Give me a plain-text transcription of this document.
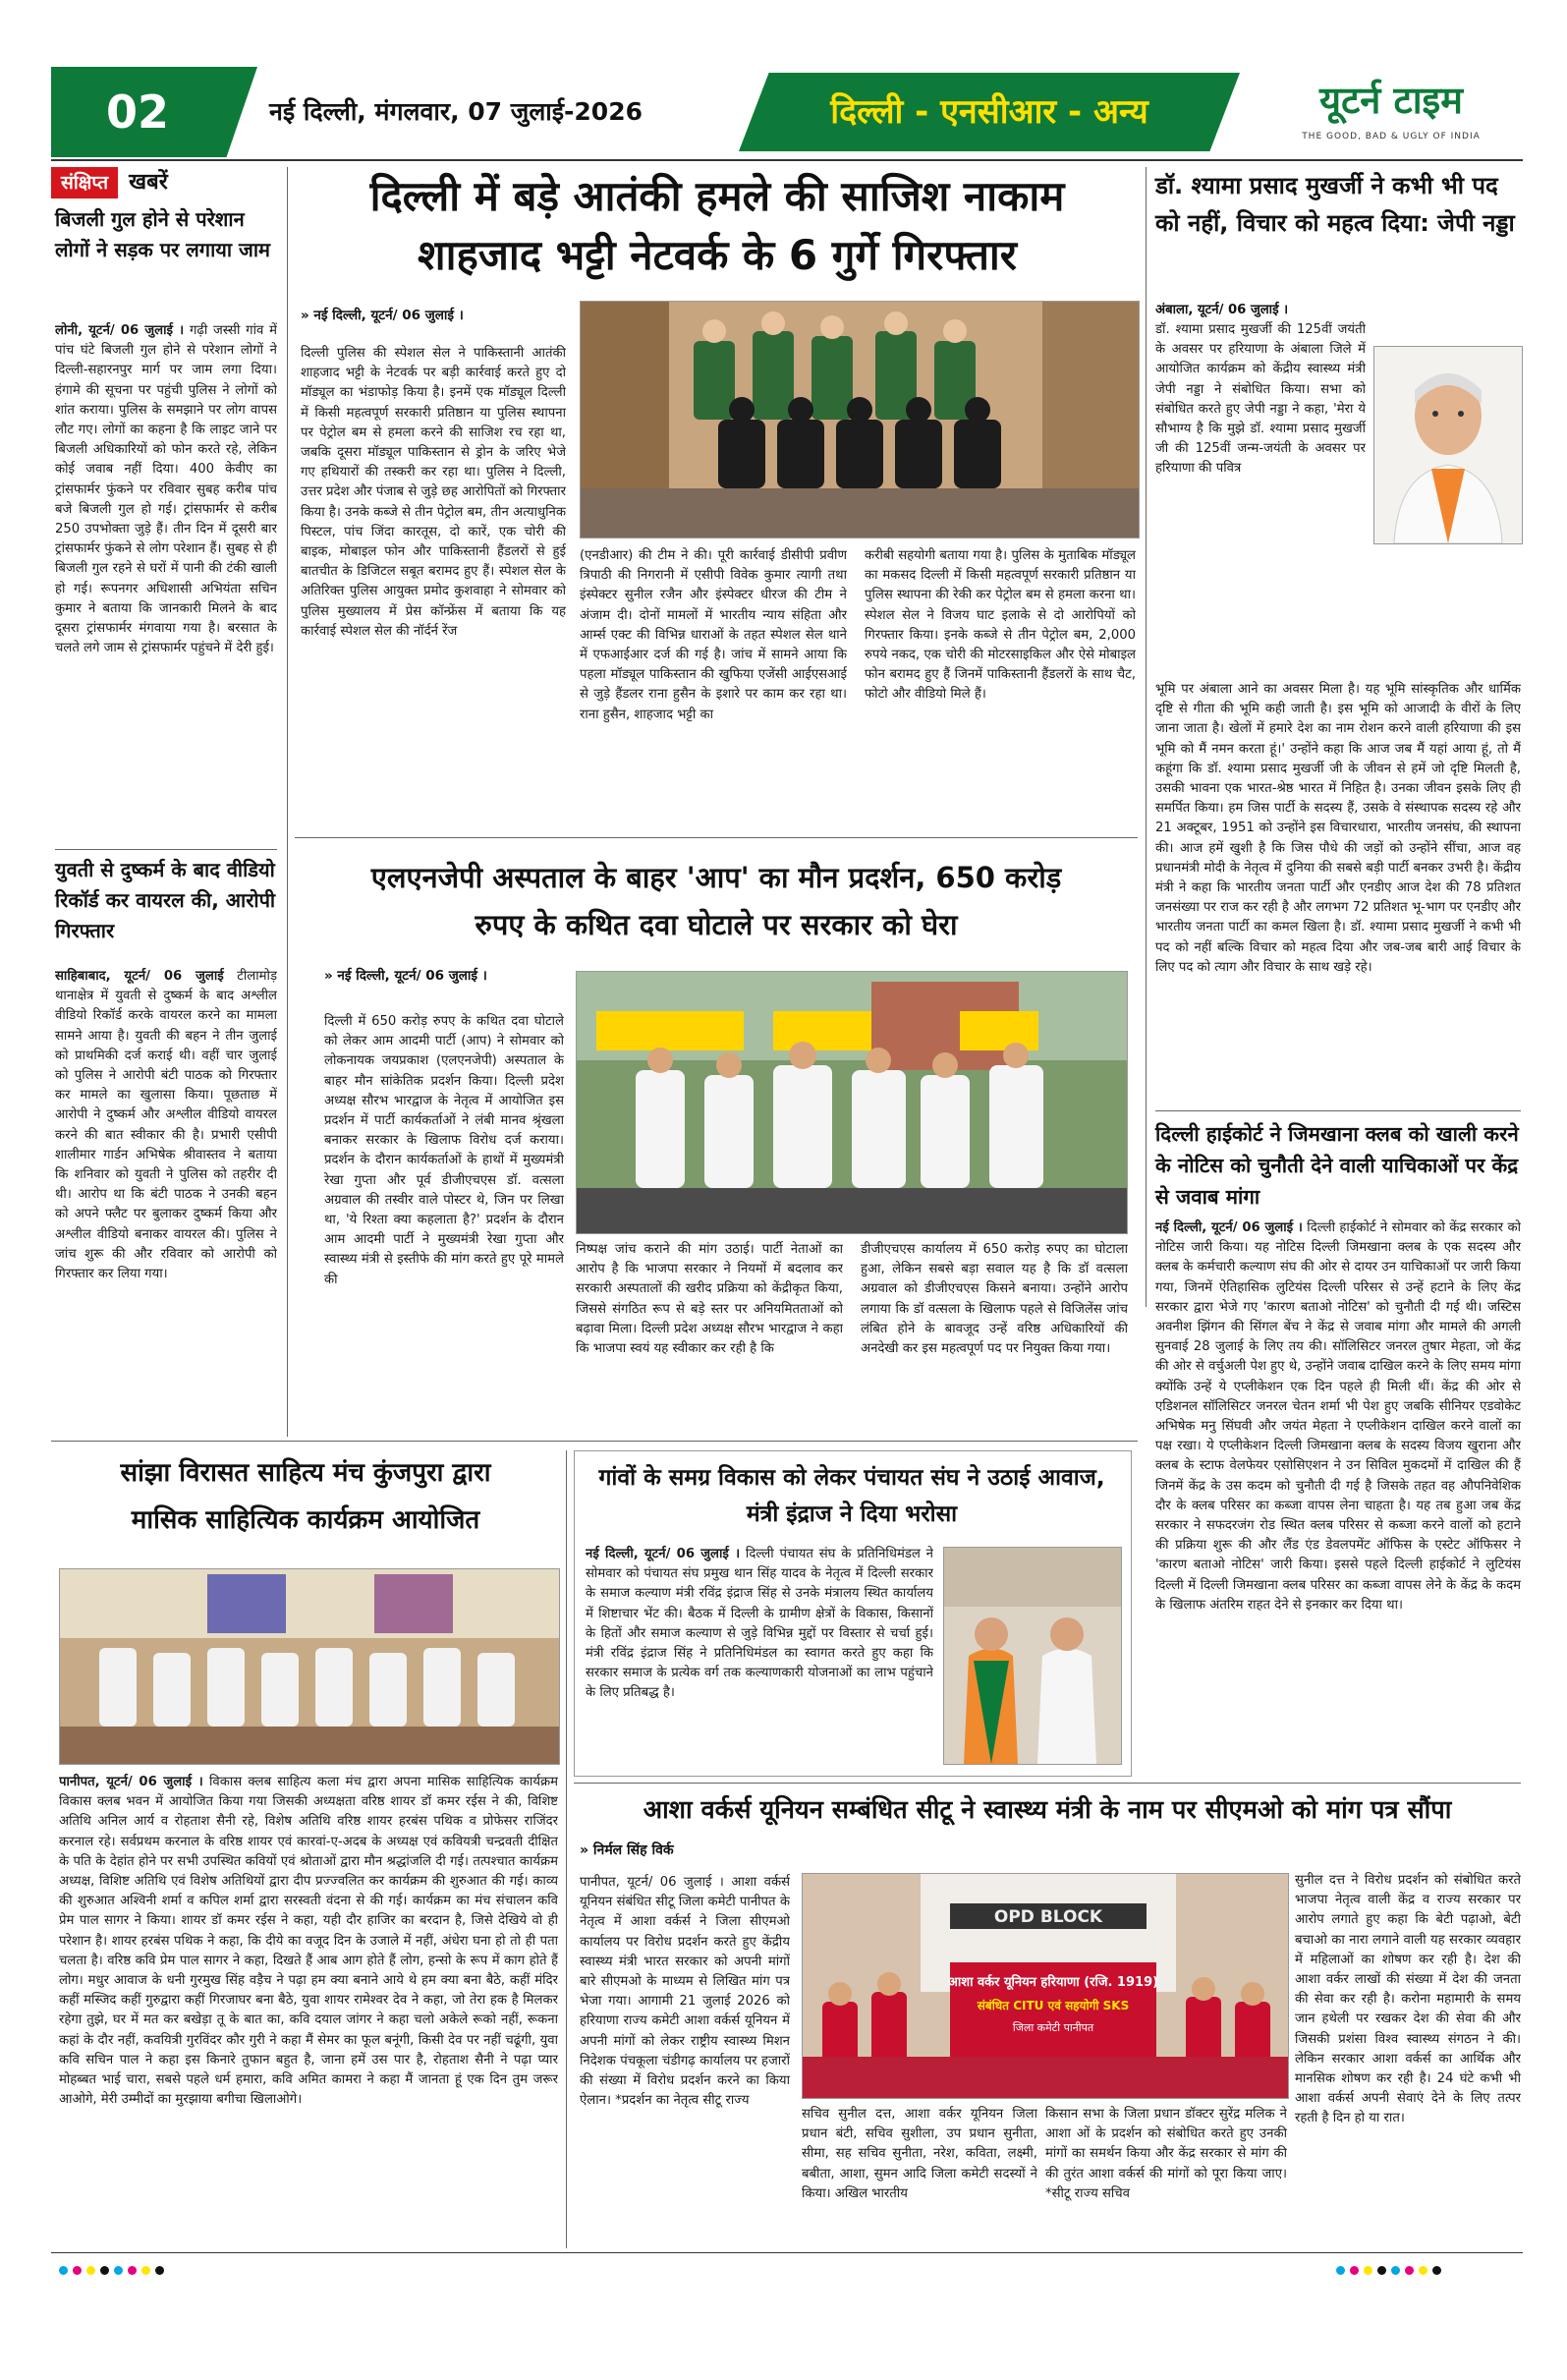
02	नई दिल्ली, मंगलवार, 07 जुलाई-2026	दिल्ली - एनसीआर - अन्य	यूटर्न टाइम
THE GOOD, BAD & UGLY OF INDIA
संक्षिप्त खबरें
बिजली गुल होने से परेशान लोगों ने सड़क पर लगाया जाम
लोनी, यूटर्न/ 06 जुलाई । गढ़ी जस्सी गांव में पांच घंटे बिजली गुल होने से परेशान लोगों ने दिल्ली-सहारनपुर मार्ग पर जाम लगा दिया। हंगामे की सूचना पर पहुंची पुलिस ने लोगों को शांत कराया। पुलिस के समझाने पर लोग वापस लौट गए। लोगों का कहना है कि लाइट जाने पर बिजली अधिकारियों को फोन करते रहे, लेकिन कोई जवाब नहीं दिया। 400 केवीए का ट्रांसफार्मर फुंकने पर रविवार सुबह करीब पांच बजे बिजली गुल हो गई। ट्रांसफार्मर से करीब 250 उपभोक्ता जुड़े हैं। तीन दिन में दूसरी बार ट्रांसफार्मर फुंकने से लोग परेशान हैं। सुबह से ही बिजली गुल रहने से घरों में पानी की टंकी खाली हो गई। रूपनगर अधिशासी अभियंता सचिन कुमार ने बताया कि जानकारी मिलने के बाद दूसरा ट्रांसफार्मर मंगवाया गया है। बरसात के चलते लगे जाम से ट्रांसफार्मर पहुंचने में देरी हुई।
युवती से दुष्कर्म के बाद वीडियो रिकॉर्ड कर वायरल की, आरोपी गिरफ्तार
साहिबाबाद, यूटर्न/ 06 जुलाई टीलामोड़ थानाक्षेत्र में युवती से दुष्कर्म के बाद अश्लील वीडियो रिकॉर्ड करके वायरल करने का मामला सामने आया है। युवती की बहन ने तीन जुलाई को प्राथमिकी दर्ज कराई थी। वहीं चार जुलाई को पुलिस ने आरोपी बंटी पाठक को गिरफ्तार कर मामले का खुलासा किया। पूछताछ में आरोपी ने दुष्कर्म और अश्लील वीडियो वायरल करने की बात स्वीकार की है। प्रभारी एसीपी शालीमार गार्डन अभिषेक श्रीवास्तव ने बताया कि शनिवार को युवती ने पुलिस को तहरीर दी थी। आरोप था कि बंटी पाठक ने उनकी बहन को अपने फ्लैट पर बुलाकर दुष्कर्म किया और अश्लील वीडियो बनाकर वायरल की। पुलिस ने जांच शुरू की और रविवार को आरोपी को गिरफ्तार कर लिया गया।
दिल्ली में बड़े आतंकी हमले की साजिश नाकाम
शाहजाद भट्टी नेटवर्क के 6 गुर्गे गिरफ्तार
» नई दिल्ली, यूटर्न/ 06 जुलाई ।
दिल्ली पुलिस की स्पेशल सेल ने पाकिस्तानी आतंकी शाहजाद भट्टी के नेटवर्क पर बड़ी कार्रवाई करते हुए दो मॉड्यूल का भंडाफोड़ किया है। इनमें एक मॉड्यूल दिल्ली में किसी महत्वपूर्ण सरकारी प्रतिष्ठान या पुलिस स्थापना पर पेट्रोल बम से हमला करने की साजिश रच रहा था, जबकि दूसरा मॉड्यूल पाकिस्तान से ड्रोन के जरिए भेजे गए हथियारों की तस्करी कर रहा था। पुलिस ने दिल्ली, उत्तर प्रदेश और पंजाब से जुड़े छह आरोपितों को गिरफ्तार किया है। उनके कब्जे से तीन पेट्रोल बम, तीन अत्याधुनिक पिस्टल, पांच जिंदा कारतूस, दो कारें, एक चोरी की बाइक, मोबाइल फोन और पाकिस्तानी हैंडलरों से हुई बातचीत के डिजिटल सबूत बरामद हुए हैं। स्पेशल सेल के अतिरिक्त पुलिस आयुक्त प्रमोद कुशवाहा ने सोमवार को पुलिस मुख्यालय में प्रेस कॉन्फ्रेंस में बताया कि यह कार्रवाई स्पेशल सेल की नॉर्दर्न रेंज
(एनडीआर) की टीम ने की। पूरी कार्रवाई डीसीपी प्रवीण त्रिपाठी की निगरानी में एसीपी विवेक कुमार त्यागी तथा इंस्पेक्टर सुनील रजैन और इंस्पेक्टर धीरज की टीम ने अंजाम दी। दोनों मामलों में भारतीय न्याय संहिता और आर्म्स एक्ट की विभिन्न धाराओं के तहत स्पेशल सेल थाने में एफआईआर दर्ज की गई है। जांच में सामने आया कि पहला मॉड्यूल पाकिस्तान की खुफिया एजेंसी आईएसआई से जुड़े हैंडलर राना हुसैन के इशारे पर काम कर रहा था। राना हुसैन, शाहजाद भट्टी का
करीबी सहयोगी बताया गया है। पुलिस के मुताबिक मॉड्यूल का मकसद दिल्ली में किसी महत्वपूर्ण सरकारी प्रतिष्ठान या पुलिस स्थापना की रेकी कर पेट्रोल बम से हमला करना था। स्पेशल सेल ने विजय घाट इलाके से दो आरोपियों को गिरफ्तार किया। इनके कब्जे से तीन पेट्रोल बम, 2,000 रुपये नकद, एक चोरी की मोटरसाइकिल और ऐसे मोबाइल फोन बरामद हुए हैं जिनमें पाकिस्तानी हैंडलरों के साथ चैट, फोटो और वीडियो मिले हैं।
डॉ. श्यामा प्रसाद मुखर्जी ने कभी भी पद को नहीं, विचार को महत्व दिया: जेपी नड्डा
अंबाला, यूटर्न/ 06 जुलाई ।
डॉ. श्यामा प्रसाद मुखर्जी की 125वीं जयंती के अवसर पर हरियाणा के अंबाला जिले में आयोजित कार्यक्रम को केंद्रीय स्वास्थ्य मंत्री जेपी नड्डा ने संबोधित किया। सभा को संबोधित करते हुए जेपी नड्डा ने कहा, 'मेरा ये सौभाग्य है कि मुझे डॉ. श्यामा प्रसाद मुखर्जी जी की 125वीं जन्म-जयंती के अवसर पर हरियाणा की पवित्र
भूमि पर अंबाला आने का अवसर मिला है। यह भूमि सांस्कृतिक और धार्मिक दृष्टि से गीता की भूमि कही जाती है। इस भूमि को आजादी के वीरों के लिए जाना जाता है। खेलों में हमारे देश का नाम रोशन करने वाली हरियाणा की इस भूमि को मैं नमन करता हूं।' उन्होंने कहा कि आज जब मैं यहां आया हूं, तो मैं कहूंगा कि डॉ. श्यामा प्रसाद मुखर्जी जी के जीवन से हमें जो दृष्टि मिलती है, उसकी भावना एक भारत-श्रेष्ठ भारत में निहित है। उनका जीवन इसके लिए ही समर्पित किया। हम जिस पार्टी के सदस्य हैं, उसके वे संस्थापक सदस्य रहे और 21 अक्टूबर, 1951 को उन्होंने इस विचारधारा, भारतीय जनसंघ, की स्थापना की। आज हमें खुशी है कि जिस पौधे की जड़ों को उन्होंने सींचा, आज वह प्रधानमंत्री मोदी के नेतृत्व में दुनिया की सबसे बड़ी पार्टी बनकर उभरी है। केंद्रीय मंत्री ने कहा कि भारतीय जनता पार्टी और एनडीए आज देश की 78 प्रतिशत जनसंख्या पर राज कर रही है और लगभग 72 प्रतिशत भू-भाग पर एनडीए और भारतीय जनता पार्टी का कमल खिला है। डॉ. श्यामा प्रसाद मुखर्जी ने कभी भी पद को नहीं बल्कि विचार को महत्व दिया और जब-जब बारी आई विचार के लिए पद को त्याग और विचार के साथ खड़े रहे।
दिल्ली हाईकोर्ट ने जिमखाना क्लब को खाली करने के नोटिस को चुनौती देने वाली याचिकाओं पर केंद्र से जवाब मांगा
नई दिल्ली, यूटर्न/ 06 जुलाई । दिल्ली हाईकोर्ट ने सोमवार को केंद्र सरकार को नोटिस जारी किया। यह नोटिस दिल्ली जिमखाना क्लब के एक सदस्य और क्लब के कर्मचारी कल्याण संघ की ओर से दायर उन याचिकाओं पर जारी किया गया, जिनमें ऐतिहासिक लुटियंस दिल्ली परिसर से उन्हें हटाने के लिए केंद्र सरकार द्वारा भेजे गए 'कारण बताओ नोटिस' को चुनौती दी गई थी। जस्टिस अवनीश झिंगन की सिंगल बेंच ने केंद्र से जवाब मांगा और मामले की अगली सुनवाई 28 जुलाई के लिए तय की। सॉलिसिटर जनरल तुषार मेहता, जो केंद्र की ओर से वर्चुअली पेश हुए थे, उन्होंने जवाब दाखिल करने के लिए समय मांगा क्योंकि उन्हें ये एप्लीकेशन एक दिन पहले ही मिली थीं। केंद्र की ओर से एडिशनल सॉलिसिटर जनरल चेतन शर्मा भी पेश हुए जबकि सीनियर एडवोकेट अभिषेक मनु सिंघवी और जयंत मेहता ने एप्लीकेशन दाखिल करने वालों का पक्ष रखा। ये एप्लीकेशन दिल्ली जिमखाना क्लब के सदस्य विजय खुराना और क्लब के स्टाफ वेलफेयर एसोसिएशन ने उन सिविल मुकदमों में दाखिल की हैं जिनमें केंद्र के उस कदम को चुनौती दी गई है जिसके तहत वह औपनिवेशिक दौर के क्लब परिसर का कब्जा वापस लेना चाहता है। यह तब हुआ जब केंद्र सरकार ने सफदरजंग रोड स्थित क्लब परिसर से कब्जा करने वालों को हटाने की प्रक्रिया शुरू की और लैंड एंड डेवलपमेंट ऑफिस के एस्टेट ऑफिसर ने 'कारण बताओ नोटिस' जारी किया। इससे पहले दिल्ली हाईकोर्ट ने लुटियंस दिल्ली में दिल्ली जिमखाना क्लब परिसर का कब्जा वापस लेने के केंद्र के कदम के खिलाफ अंतरिम राहत देने से इनकार कर दिया था।
एलएनजेपी अस्पताल के बाहर 'आप' का मौन प्रदर्शन, 650 करोड़
रुपए के कथित दवा घोटाले पर सरकार को घेरा
» नई दिल्ली, यूटर्न/ 06 जुलाई ।
दिल्ली में 650 करोड़ रुपए के कथित दवा घोटाले को लेकर आम आदमी पार्टी (आप) ने सोमवार को लोकनायक जयप्रकाश (एलएनजेपी) अस्पताल के बाहर मौन सांकेतिक प्रदर्शन किया। दिल्ली प्रदेश अध्यक्ष सौरभ भारद्वाज के नेतृत्व में आयोजित इस प्रदर्शन में पार्टी कार्यकर्ताओं ने लंबी मानव श्रृंखला बनाकर सरकार के खिलाफ विरोध दर्ज कराया। प्रदर्शन के दौरान कार्यकर्ताओं के हाथों में मुख्यमंत्री रेखा गुप्ता और पूर्व डीजीएचएस डॉ. वत्सला अग्रवाल की तस्वीर वाले पोस्टर थे, जिन पर लिखा था, 'ये रिश्ता क्या कहलाता है?' प्रदर्शन के दौरान आम आदमी पार्टी ने मुख्यमंत्री रेखा गुप्ता और स्वास्थ्य मंत्री से इस्तीफे की मांग करते हुए पूरे मामले की
निष्पक्ष जांच कराने की मांग उठाई। पार्टी नेताओं का आरोप है कि भाजपा सरकार ने नियमों में बदलाव कर सरकारी अस्पतालों की खरीद प्रक्रिया को केंद्रीकृत किया, जिससे संगठित रूप से बड़े स्तर पर अनियमितताओं को बढ़ावा मिला। दिल्ली प्रदेश अध्यक्ष सौरभ भारद्वाज ने कहा कि भाजपा स्वयं यह स्वीकार कर रही है कि
डीजीएचएस कार्यालय में 650 करोड़ रुपए का घोटाला हुआ, लेकिन सबसे बड़ा सवाल यह है कि डॉ वत्सला अग्रवाल को डीजीएचएस किसने बनाया। उन्होंने आरोप लगाया कि डॉ वत्सला के खिलाफ पहले से विजिलेंस जांच लंबित होने के बावजूद उन्हें वरिष्ठ अधिकारियों की अनदेखी कर इस महत्वपूर्ण पद पर नियुक्त किया गया।
सांझा विरासत साहित्य मंच कुंजपुरा द्वारा
मासिक साहित्यिक कार्यक्रम आयोजित
पानीपत, यूटर्न/ 06 जुलाई । विकास क्लब साहित्य कला मंच द्वारा अपना मासिक साहित्यिक कार्यक्रम विकास क्लब भवन में आयोजित किया गया जिसकी अध्यक्षता वरिष्ठ शायर डॉ कमर रईस ने की, विशिष्ट अतिथि अनिल आर्य व रोहताश सैनी रहे, विशेष अतिथि वरिष्ठ शायर हरबंस पथिक व प्रोफेसर राजिंदर करनाल रहे। सर्वप्रथम करनाल के वरिष्ठ शायर एवं कारवां-ए-अदब के अध्यक्ष एवं कवियत्री चन्द्रवती दीक्षित के पति के देहांत होने पर सभी उपस्थित कवियों एवं श्रोताओं द्वारा मौन श्रद्धांजलि दी गई। तत्पश्चात कार्यक्रम अध्यक्ष, विशिष्ट अतिथि एवं विशेष अतिथियों द्वारा दीप प्रज्ज्वलित कर कार्यक्रम की शुरुआत की गई। काव्य की शुरुआत अश्विनी शर्मा व कपिल शर्मा द्वारा सरस्वती वंदना से की गई। कार्यक्रम का मंच संचालन कवि प्रेम पाल सागर ने किया। शायर डॉ कमर रईस ने कहा, यही दौर हाजिर का बरदान है, जिसे देखिये वो ही परेशान है। शायर हरबंस पथिक ने कहा, कि दीये का वजूद दिन के उजाले में नहीं, अंधेरा घना हो तो ही पता चलता है। वरिष्ठ कवि प्रेम पाल सागर ने कहा, दिखते हैं आब आग होते हैं लोग, हन्सो के रूप में काग होते हैं लोग। मधुर आवाज के धनी गुरमुख सिंह वड़ैच ने पढ़ा हम क्या बनाने आये थे हम क्या बना बैठे, कहीं मंदिर कहीं मस्जिद कहीं गुरुद्वारा कहीं गिरजाघर बना बैठे, युवा शायर रामेश्वर देव ने कहा, जो तेरा हक है मिलकर रहेगा तुझे, घर में मत कर बखेड़ा तू के बात का, कवि दयाल जांगर ने कहा चलो अकेले रूको नहीं, रूकना कहां के दौर नहीं, कवयित्री गुरविंदर कौर गुरी ने कहा मैं सेमर का फूल बनूंगी, किसी देव पर नहीं चढूंगी, युवा कवि सचिन पाल ने कहा इस किनारे तुफान बहुत है, जाना हमें उस पार है, रोहताश सैनी ने पढ़ा प्यार मोहब्बत भाई चारा, सबसे पहले धर्म हमारा, कवि अमित कामरा ने कहा मैं जानता हूं एक दिन तुम जरूर आओगे, मेरी उम्मीदों का मुरझाया बगीचा खिलाओगे।
गांवों के समग्र विकास को लेकर पंचायत संघ ने उठाई आवाज, मंत्री इंद्राज ने दिया भरोसा
नई दिल्ली, यूटर्न/ 06 जुलाई । दिल्ली पंचायत संघ के प्रतिनिधिमंडल ने सोमवार को पंचायत संघ प्रमुख थान सिंह यादव के नेतृत्व में दिल्ली सरकार के समाज कल्याण मंत्री रविंद्र इंद्राज सिंह से उनके मंत्रालय स्थित कार्यालय में शिष्टाचार भेंट की। बैठक में दिल्ली के ग्रामीण क्षेत्रों के विकास, किसानों के हितों और समाज कल्याण से जुड़े विभिन्न मुद्दों पर विस्तार से चर्चा हुई। मंत्री रविंद्र इंद्राज सिंह ने प्रतिनिधिमंडल का स्वागत करते हुए कहा कि सरकार समाज के प्रत्येक वर्ग तक कल्याणकारी योजनाओं का लाभ पहुंचाने के लिए प्रतिबद्ध है।
आशा वर्कर्स यूनियन सम्बंधित सीटू ने स्वास्थ्य मंत्री के नाम पर सीएमओ को मांग पत्र सौंपा
» निर्मल सिंह विर्क
पानीपत, यूटर्न/ 06 जुलाई । आशा वर्कर्स यूनियन संबंधित सीटू जिला कमेटी पानीपत के नेतृत्व में आशा वर्कर्स ने जिला सीएमओ कार्यालय पर विरोध प्रदर्शन करते हुए केंद्रीय स्वास्थ्य मंत्री भारत सरकार को अपनी मांगों बारे सीएमओ के माध्यम से लिखित मांग पत्र भेजा गया। आगामी 21 जुलाई 2026 को हरियाणा राज्य कमेटी आशा वर्कर्स यूनियन में अपनी मांगों को लेकर राष्ट्रीय स्वास्थ्य मिशन निदेशक पंचकूला चंडीगढ़ कार्यालय पर हजारों की संख्या में विरोध प्रदर्शन करने का किया ऐलान। *प्रदर्शन का नेतृत्व सीटू राज्य
OPD BLOCK
आशा वर्कर यूनियन हरियाणा (रजि. 1919)
संबंधित CITU एवं सहयोगी SKS
जिला कमेटी पानीपत
सचिव सुनील दत्त, आशा वर्कर यूनियन जिला प्रधान बंटी, सचिव सुशीला, उप प्रधान सुनीता, सीमा, सह सचिव सुनीता, नरेश, कविता, लक्ष्मी, बबीता, आशा, सुमन आदि जिला कमेटी सदस्यों ने किया। अखिल भारतीय
किसान सभा के जिला प्रधान डॉक्टर सुरेंद्र मलिक ने आशा ओं के प्रदर्शन को संबोधित करते हुए उनकी मांगों का समर्थन किया और केंद्र सरकार से मांग की की तुरंत आशा वर्कर्स की मांगों को पूरा किया जाए। *सीटू राज्य सचिव
सुनील दत्त ने विरोध प्रदर्शन को संबोधित करते भाजपा नेतृत्व वाली केंद्र व राज्य सरकार पर आरोप लगाते हुए कहा कि बेटी पढ़ाओ, बेटी बचाओ का नारा लगाने वाली यह सरकार व्यवहार में महिलाओं का शोषण कर रही है। देश की आशा वर्कर लाखों की संख्या में देश की जनता की सेवा कर रही है। करोना महामारी के समय जान हथेली पर रखकर देश की सेवा की और जिसकी प्रशंसा विश्व स्वास्थ्य संगठन ने की। लेकिन सरकार आशा वर्कर्स का आर्थिक और मानसिक शोषण कर रही है। 24 घंटे कभी भी आशा वर्कर्स अपनी सेवाएं देने के लिए तत्पर रहती है दिन हो या रात।
